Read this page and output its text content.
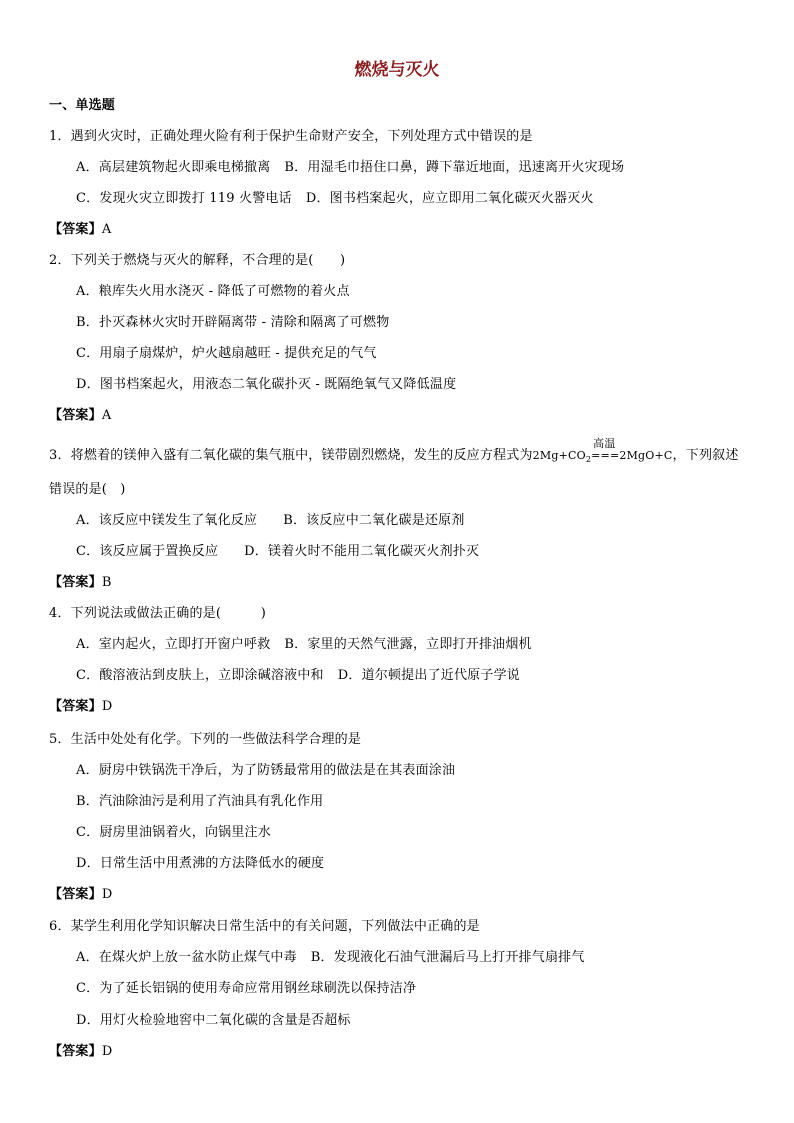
燃烧与灭火
一、单选题
1．遇到火灾时，正确处理火险有利于保护生命财产安全，下列处理方式中错误的是
A．高层建筑物起火即乘电梯撤离 B．用湿毛巾捂住口鼻，蹲下靠近地面，迅速离开火灾现场
C．发现火灾立即拨打 119 火警电话 D．图书档案起火，应立即用二氧化碳灭火器灭火
【答案】A
2．下列关于燃烧与灭火的解释，不合理的是(　　)
A．粮库失火用水浇灭 - 降低了可燃物的着火点
B．扑灭森林火灾时开辟隔离带 - 清除和隔离了可燃物
C．用扇子扇煤炉，炉火越扇越旺 - 提供充足的气气
D．图书档案起火，用液态二氧化碳扑灭 - 既隔绝氧气又降低温度
【答案】A
3．将燃着的镁伸入盛有二氧化碳的集气瓶中，镁带剧烈燃烧，发生的反应方程式为$2Mg+CO_2$
高温
===2MgO+C，下列叙述
错误的是(　)
A．该反应中镁发生了氧化反应 B．该反应中二氧化碳是还原剂
C．该反应属于置换反应 D．镁着火时不能用二氧化碳灭火剂扑灭
【答案】B
4．下列说法或做法正确的是(　　　)
A．室内起火，立即打开窗户呼救 B．家里的天然气泄露，立即打开排油烟机
C．酸溶液沾到皮肤上，立即涂碱溶液中和 D．道尔顿提出了近代原子学说
【答案】D
5．生活中处处有化学。下列的一些做法科学合理的是
A．厨房中铁锅洗干净后，为了防锈最常用的做法是在其表面涂油
B．汽油除油污是利用了汽油具有乳化作用
C．厨房里油锅着火，向锅里注水
D．日常生活中用煮沸的方法降低水的硬度
【答案】D
6．某学生利用化学知识解决日常生活中的有关问题，下列做法中正确的是
A．在煤火炉上放一盆水防止煤气中毒 B．发现液化石油气泄漏后马上打开排气扇排气
C．为了延长铝锅的使用寿命应常用钢丝球刷洗以保持洁净
D．用灯火检验地窖中二氧化碳的含量是否超标
【答案】D
